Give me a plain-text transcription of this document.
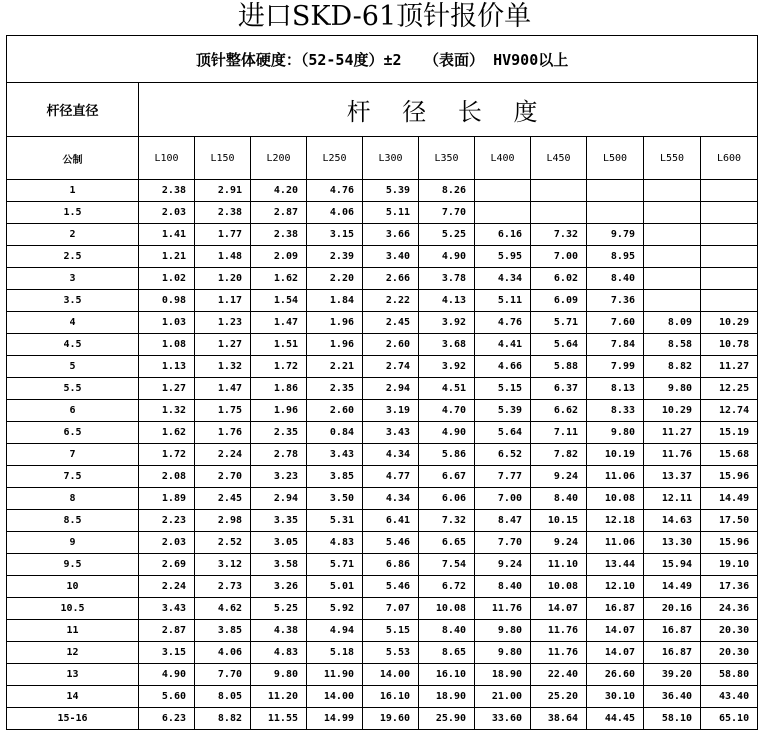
进口SKD-61顶针报价单
顶针整体硬度：（52-54度）±2　　（表面） HV900以上											
杆径直径	杆 径 长 度										
公制	L100	L150	L200	L250	L300	L350	L400	L450	L500	L550	L600
1	2.38	2.91	4.20	4.76	5.39	8.26					
1.5	2.03	2.38	2.87	4.06	5.11	7.70					
2	1.41	1.77	2.38	3.15	3.66	5.25	6.16	7.32	9.79		
2.5	1.21	1.48	2.09	2.39	3.40	4.90	5.95	7.00	8.95		
3	1.02	1.20	1.62	2.20	2.66	3.78	4.34	6.02	8.40		
3.5	0.98	1.17	1.54	1.84	2.22	4.13	5.11	6.09	7.36		
4	1.03	1.23	1.47	1.96	2.45	3.92	4.76	5.71	7.60	8.09	10.29
4.5	1.08	1.27	1.51	1.96	2.60	3.68	4.41	5.64	7.84	8.58	10.78
5	1.13	1.32	1.72	2.21	2.74	3.92	4.66	5.88	7.99	8.82	11.27
5.5	1.27	1.47	1.86	2.35	2.94	4.51	5.15	6.37	8.13	9.80	12.25
6	1.32	1.75	1.96	2.60	3.19	4.70	5.39	6.62	8.33	10.29	12.74
6.5	1.62	1.76	2.35	0.84	3.43	4.90	5.64	7.11	9.80	11.27	15.19
7	1.72	2.24	2.78	3.43	4.34	5.86	6.52	7.82	10.19	11.76	15.68
7.5	2.08	2.70	3.23	3.85	4.77	6.67	7.77	9.24	11.06	13.37	15.96
8	1.89	2.45	2.94	3.50	4.34	6.06	7.00	8.40	10.08	12.11	14.49
8.5	2.23	2.98	3.35	5.31	6.41	7.32	8.47	10.15	12.18	14.63	17.50
9	2.03	2.52	3.05	4.83	5.46	6.65	7.70	9.24	11.06	13.30	15.96
9.5	2.69	3.12	3.58	5.71	6.86	7.54	9.24	11.10	13.44	15.94	19.10
10	2.24	2.73	3.26	5.01	5.46	6.72	8.40	10.08	12.10	14.49	17.36
10.5	3.43	4.62	5.25	5.92	7.07	10.08	11.76	14.07	16.87	20.16	24.36
11	2.87	3.85	4.38	4.94	5.15	8.40	9.80	11.76	14.07	16.87	20.30
12	3.15	4.06	4.83	5.18	5.53	8.65	9.80	11.76	14.07	16.87	20.30
13	4.90	7.70	9.80	11.90	14.00	16.10	18.90	22.40	26.60	39.20	58.80
14	5.60	8.05	11.20	14.00	16.10	18.90	21.00	25.20	30.10	36.40	43.40
15-16	6.23	8.82	11.55	14.99	19.60	25.90	33.60	38.64	44.45	58.10	65.10
